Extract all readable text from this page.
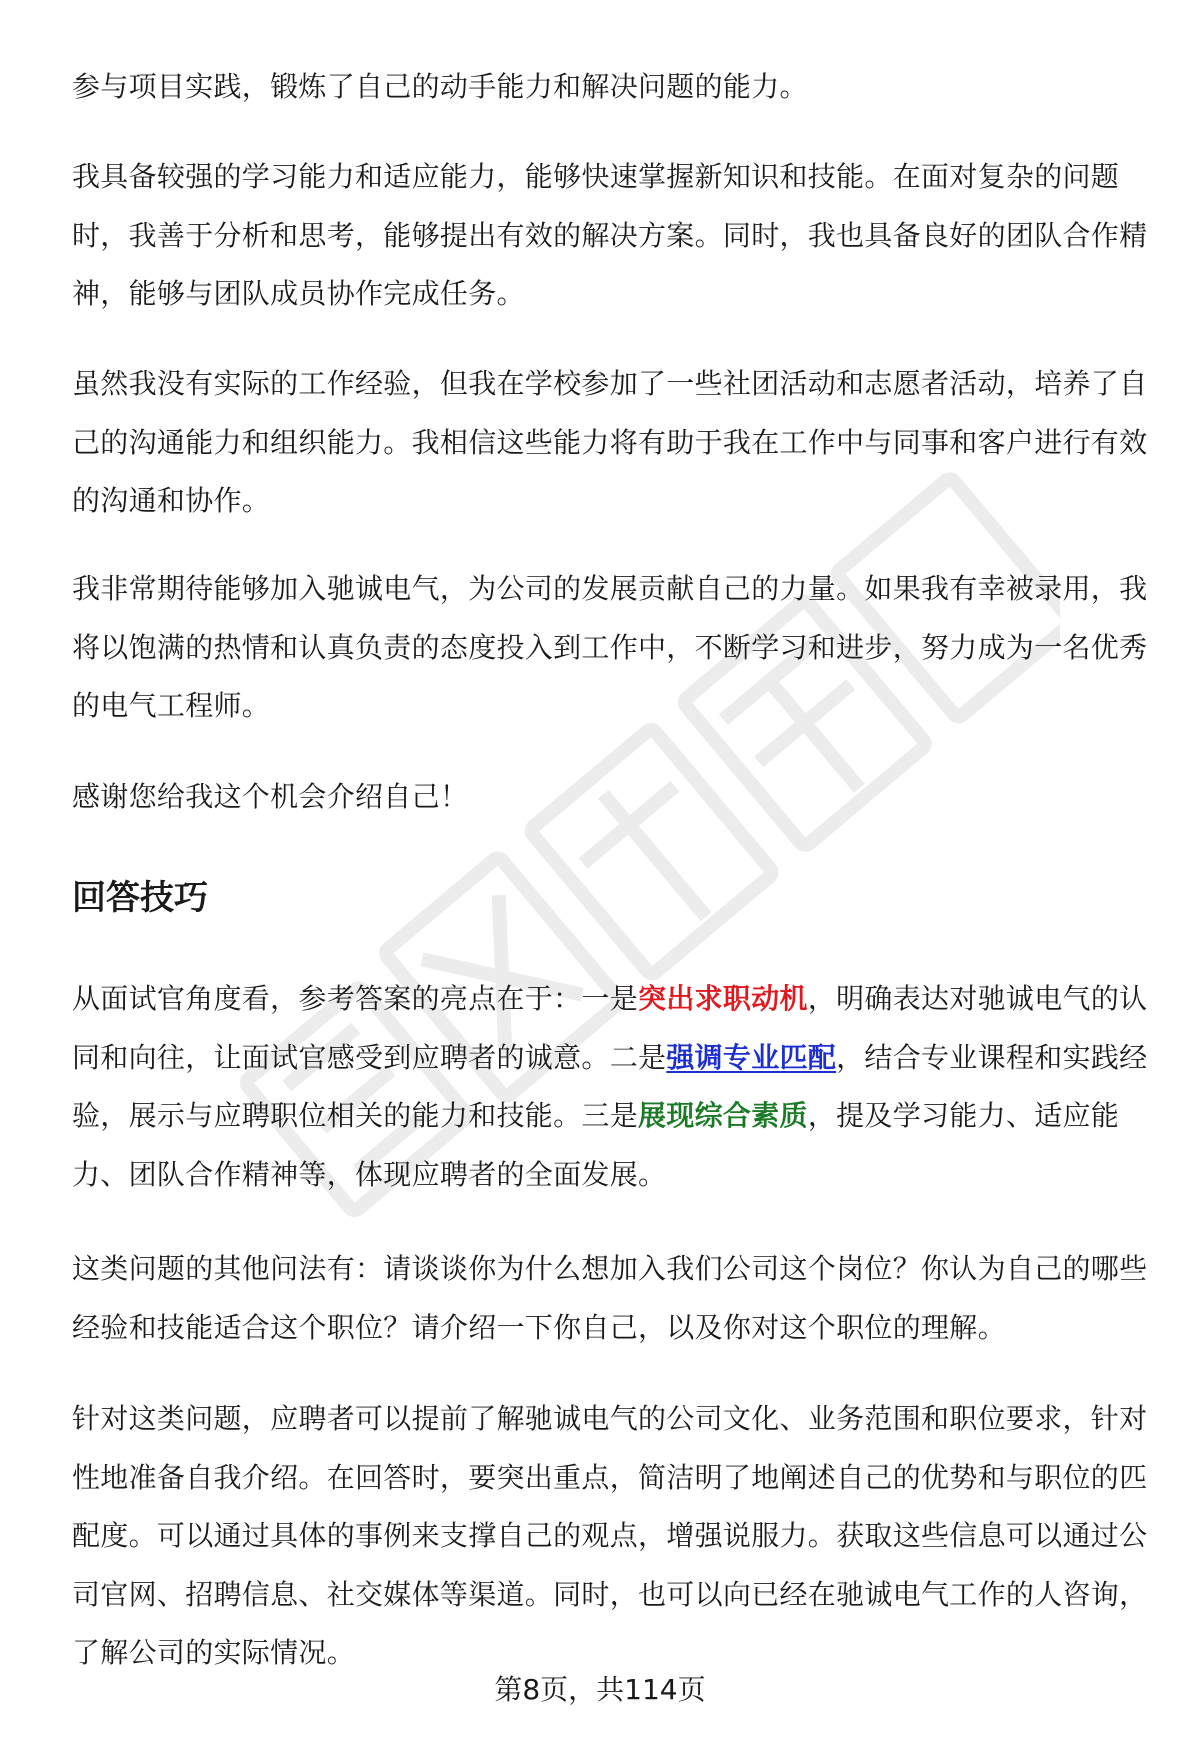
参与项目实践，锻炼了自己的动手能力和解决问题的能力。

我具备较强的学习能力和适应能力，能够快速掌握新知识和技能。在面对复杂的问题时，我善于分析和思考，能够提出有效的解决方案。同时，我也具备良好的团队合作精神，能够与团队成员协作完成任务。

虽然我没有实际的工作经验，但我在学校参加了一些社团活动和志愿者活动，培养了自己的沟通能力和组织能力。我相信这些能力将有助于我在工作中与同事和客户进行有效的沟通和协作。

我非常期待能够加入驰诚电气，为公司的发展贡献自己的力量。如果我有幸被录用，我将以饱满的热情和认真负责的态度投入到工作中，不断学习和进步，努力成为一名优秀的电气工程师。

感谢您给我这个机会介绍自己！

回答技巧

从面试官角度看，参考答案的亮点在于：一是突出求职动机，明确表达对驰诚电气的认同和向往，让面试官感受到应聘者的诚意。二是强调专业匹配，结合专业课程和实践经验，展示与应聘职位相关的能力和技能。三是展现综合素质，提及学习能力、适应能力、团队合作精神等，体现应聘者的全面发展。

这类问题的其他问法有：请谈谈你为什么想加入我们公司这个岗位？你认为自己的哪些经验和技能适合这个职位？请介绍一下你自己，以及你对这个职位的理解。

针对这类问题，应聘者可以提前了解驰诚电气的公司文化、业务范围和职位要求，针对性地准备自我介绍。在回答时，要突出重点，简洁明了地阐述自己的优势和与职位的匹配度。可以通过具体的事例来支撑自己的观点，增强说服力。获取这些信息可以通过公司官网、招聘信息、社交媒体等渠道。同时，也可以向已经在驰诚电气工作的人咨询，了解公司的实际情况。

第8页，共114页
